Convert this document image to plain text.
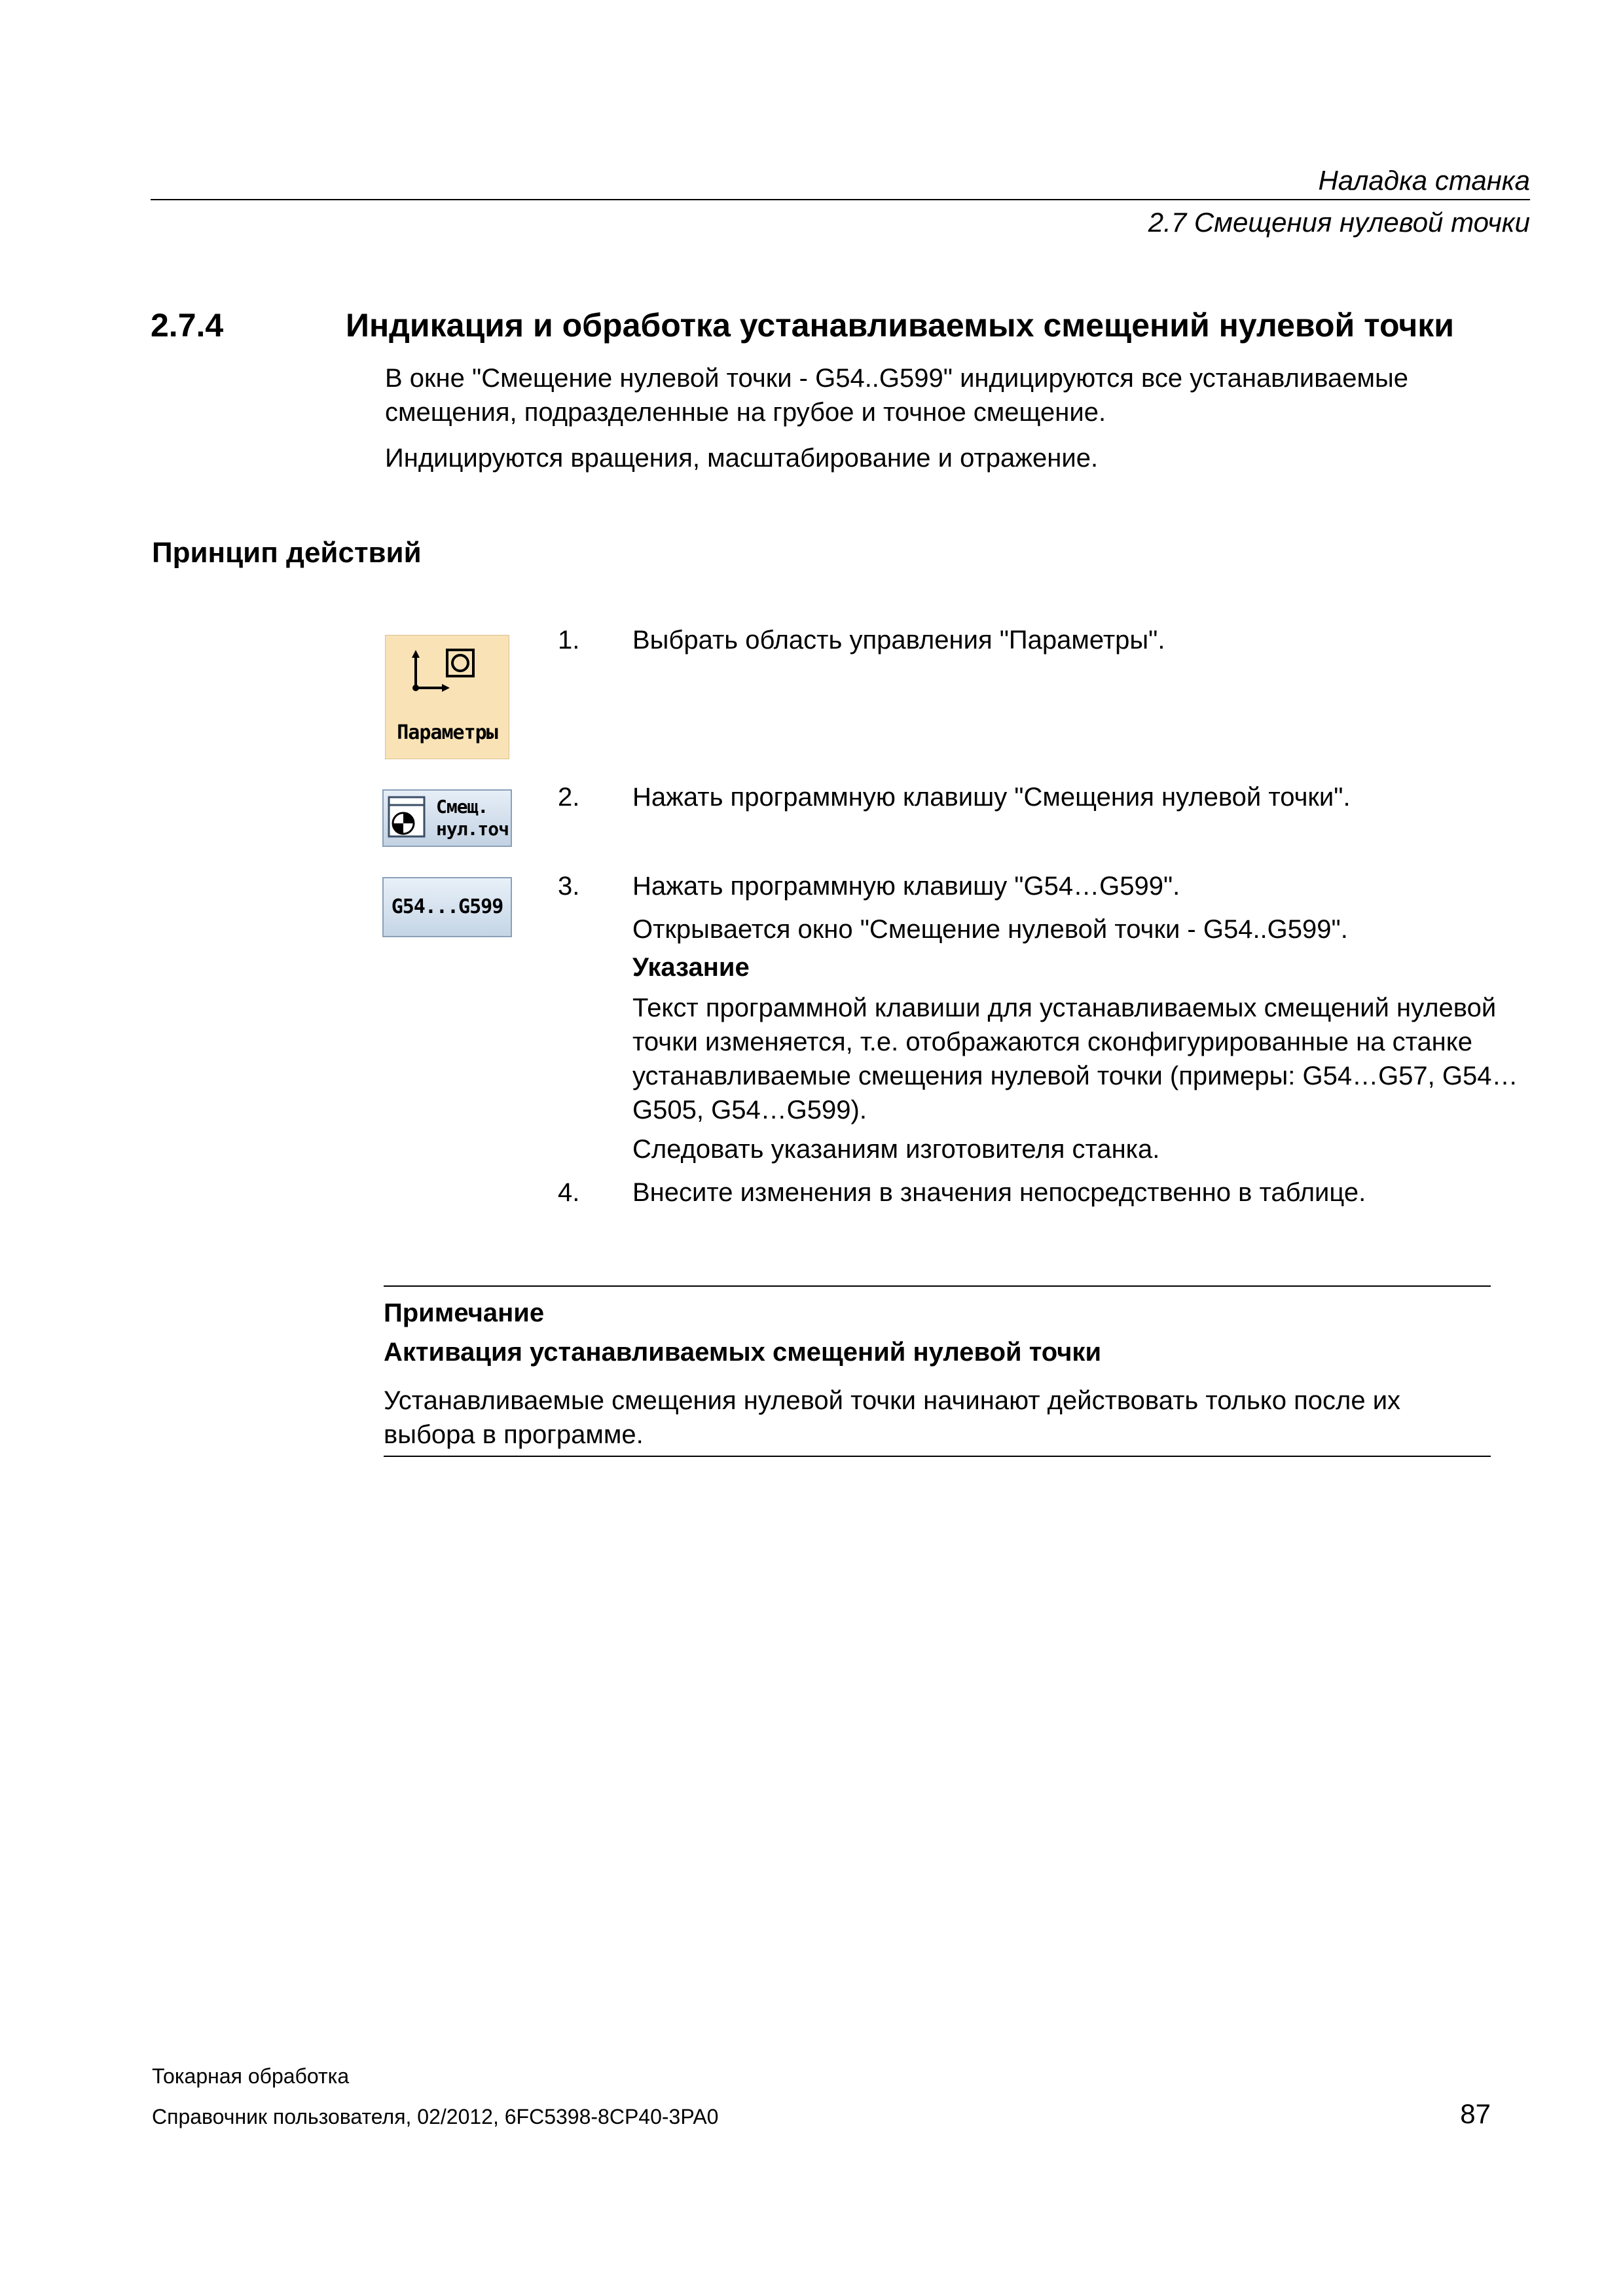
Наладка станка
2.7 Смещения нулевой точки
2.7.4	Индикация и обработка устанавливаемых смещений нулевой точки
В окне "Смещение нулевой точки - G54..G599" индицируются все устанавливаемые смещения, подразделенные на грубое и точное смещение.
Индицируются вращения, масштабирование и отражение.
Принцип действий
Параметры
Смещ.
нул.точ
G54...G599
1. Выбрать область управления "Параметры".
2. Нажать программную клавишу "Смещения нулевой точки".
3. Нажать программную клавишу "G54…G599".
Открывается окно "Смещение нулевой точки - G54..G599".
Указание
Текст программной клавиши для устанавливаемых смещений нулевой точки изменяется, т.е. отображаются сконфигурированные на станке устанавливаемые смещения нулевой точки (примеры: G54…G57, G54…G505, G54…G599).
Следовать указаниям изготовителя станка.
4. Внесите изменения в значения непосредственно в таблице.
Примечание
Активация устанавливаемых смещений нулевой точки
Устанавливаемые смещения нулевой точки начинают действовать только после их выбора в программе.
Токарная обработка
Справочник пользователя, 02/2012, 6FC5398-8CP40-3PA0	87
